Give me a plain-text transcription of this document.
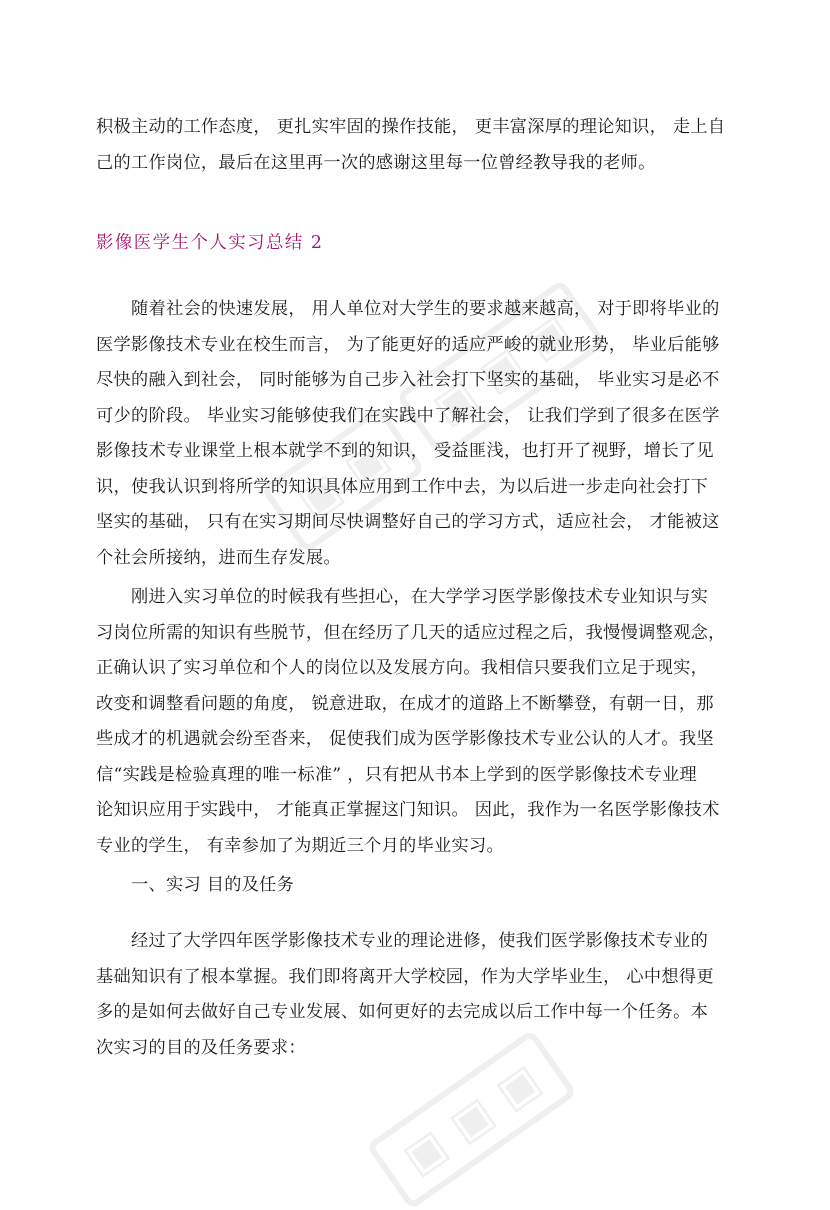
积极主动的工作态度， 更扎实牢固的操作技能， 更丰富深厚的理论知识， 走上自
己的工作岗位，最后在这里再一次的感谢这里每一位曾经教导我的老师。
影像医学生个人实习总结 2
随着社会的快速发展， 用人单位对大学生的要求越来越高， 对于即将毕业的
医学影像技术专业在校生而言， 为了能更好的适应严峻的就业形势， 毕业后能够
尽快的融入到社会， 同时能够为自己步入社会打下坚实的基础， 毕业实习是必不
可少的阶段。 毕业实习能够使我们在实践中了解社会， 让我们学到了很多在医学
影像技术专业课堂上根本就学不到的知识， 受益匪浅，也打开了视野，增长了见
识，使我认识到将所学的知识具体应用到工作中去，为以后进一步走向社会打下
坚实的基础， 只有在实习期间尽快调整好自己的学习方式，适应社会， 才能被这
个社会所接纳，进而生存发展。
刚进入实习单位的时候我有些担心，在大学学习医学影像技术专业知识与实
习岗位所需的知识有些脱节，但在经历了几天的适应过程之后，我慢慢调整观念，
正确认识了实习单位和个人的岗位以及发展方向。我相信只要我们立足于现实，
改变和调整看问题的角度， 锐意进取，在成才的道路上不断攀登，有朝一日，那
些成才的机遇就会纷至沓来， 促使我们成为医学影像技术专业公认的人才。我坚
信“实践是检验真理的唯一标准” ，只有把从书本上学到的医学影像技术专业理
论知识应用于实践中， 才能真正掌握这门知识。 因此，我作为一名医学影像技术
专业的学生， 有幸参加了为期近三个月的毕业实习。
一、实习 目的及任务
经过了大学四年医学影像技术专业的理论进修，使我们医学影像技术专业的
基础知识有了根本掌握。我们即将离开大学校园，作为大学毕业生， 心中想得更
多的是如何去做好自己专业发展、如何更好的去完成以后工作中每一个任务。本
次实习的目的及任务要求：
▣ ▣ ▣
▣ ▣
▣ ▣ ▣
